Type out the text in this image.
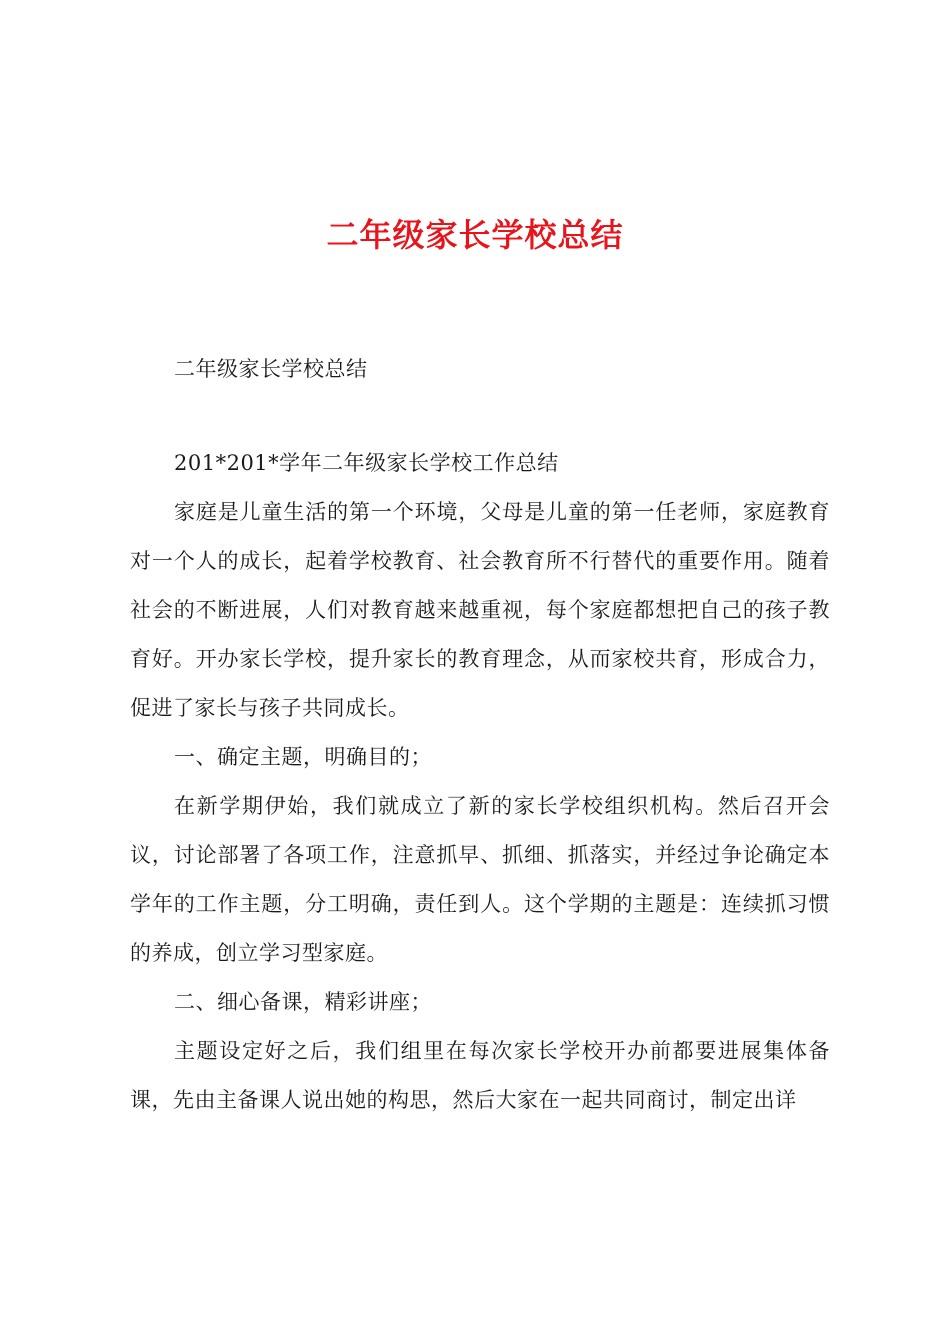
二年级家长学校总结

二年级家长学校总结

201*201*学年二年级家长学校工作总结

家庭是儿童生活的第一个环境，父母是儿童的第一任老师，家庭教育对一个人的成长，起着学校教育、社会教育所不行替代的重要作用。随着社会的不断进展，人们对教育越来越重视，每个家庭都想把自己的孩子教育好。开办家长学校，提升家长的教育理念，从而家校共育，形成合力，促进了家长与孩子共同成长。

一、确定主题，明确目的；

在新学期伊始，我们就成立了新的家长学校组织机构。然后召开会议，讨论部署了各项工作，注意抓早、抓细、抓落实，并经过争论确定本学年的工作主题，分工明确，责任到人。这个学期的主题是：连续抓习惯的养成，创立学习型家庭。

二、细心备课，精彩讲座；

主题设定好之后，我们组里在每次家长学校开办前都要进展集体备课，先由主备课人说出她的构思，然后大家在一起共同商讨，制定出详
